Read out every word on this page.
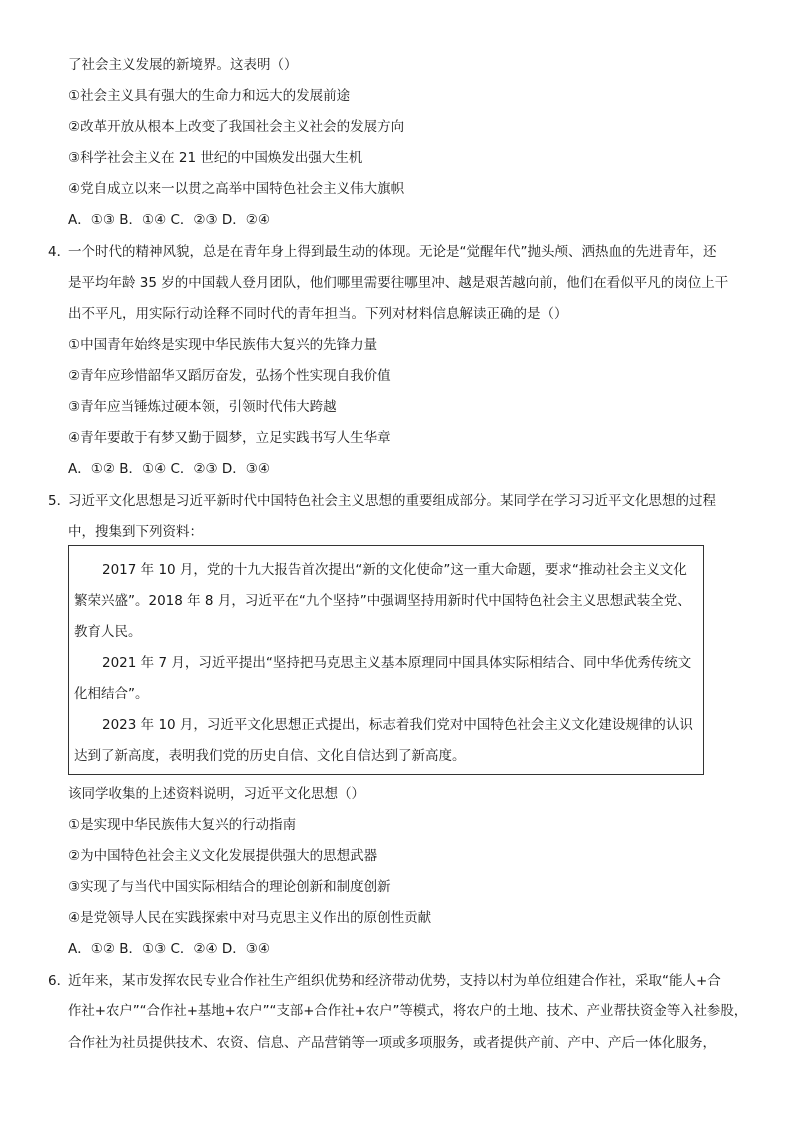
了社会主义发展的新境界。这表明（）
①社会主义具有强大的生命力和远大的发展前途
②改革开放从根本上改变了我国社会主义社会的发展方向
③科学社会主义在 21 世纪的中国焕发出强大生机
④党自成立以来一以贯之高举中国特色社会主义伟大旗帜
A．①③ B．①④ C．②③ D．②④
4．
一个时代的精神风貌，总是在青年身上得到最生动的体现。无论是“觉醒年代”抛头颅、洒热血的先进青年，还
是平均年龄 35 岁的中国载人登月团队，他们哪里需要往哪里冲、越是艰苦越向前，他们在看似平凡的岗位上干
出不平凡，用实际行动诠释不同时代的青年担当。下列对材料信息解读正确的是（）
①中国青年始终是实现中华民族伟大复兴的先锋力量
②青年应珍惜韶华又蹈厉奋发，弘扬个性实现自我价值
③青年应当锤炼过硬本领，引领时代伟大跨越
④青年要敢于有梦又勤于圆梦，立足实践书写人生华章
A．①② B．①④ C．②③ D．③④
5．
习近平文化思想是习近平新时代中国特色社会主义思想的重要组成部分。某同学在学习习近平文化思想的过程
中，搜集到下列资料：
2017 年 10 月，党的十九大报告首次提出“新的文化使命”这一重大命题，要求“推动社会主义文化
繁荣兴盛”。2018 年 8 月，习近平在“九个坚持”中强调坚持用新时代中国特色社会主义思想武装全党、
教育人民。
2021 年 7 月，习近平提出“坚持把马克思主义基本原理同中国具体实际相结合、同中华优秀传统文
化相结合”。
2023 年 10 月，习近平文化思想正式提出，标志着我们党对中国特色社会主义文化建设规律的认识
达到了新高度，表明我们党的历史自信、文化自信达到了新高度。
该同学收集的上述资料说明，习近平文化思想（）
①是实现中华民族伟大复兴的行动指南
②为中国特色社会主义文化发展提供强大的思想武器
③实现了与当代中国实际相结合的理论创新和制度创新
④是党领导人民在实践探索中对马克思主义作出的原创性贡献
A．①② B．①③ C．②④ D．③④
6．
近年来，某市发挥农民专业合作社生产组织优势和经济带动优势，支持以村为单位组建合作社，采取“能人+合
作社+农户”“合作社+基地+农户”“支部+合作社+农户”等模式，将农户的土地、技术、产业帮扶资金等入社参股，
合作社为社员提供技术、农资、信息、产品营销等一项或多项服务，或者提供产前、产中、产后一体化服务，
